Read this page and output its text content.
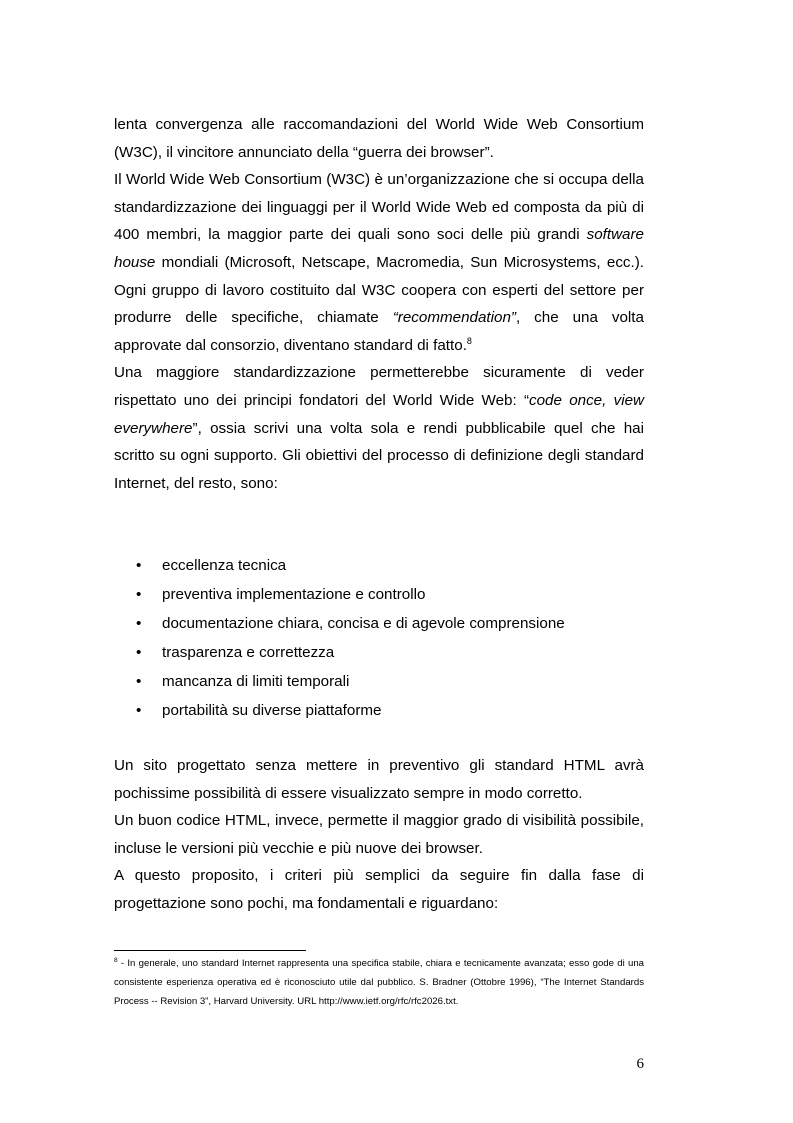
lenta convergenza alle raccomandazioni del World Wide Web Consortium (W3C), il vincitore annunciato della “guerra dei browser”.

Il World Wide Web Consortium (W3C) è un’organizzazione che si occupa della standardizzazione dei linguaggi per il World Wide Web ed composta da più di 400 membri, la maggior parte dei quali sono soci delle più grandi software house mondiali (Microsoft, Netscape, Macromedia, Sun Microsystems, ecc.). Ogni gruppo di lavoro costituito dal W3C coopera con esperti del settore per produrre delle specifiche, chiamate “recommendation”, che una volta approvate dal consorzio, diventano standard di fatto.$^8$

Una maggiore standardizzazione permetterebbe sicuramente di veder rispettato uno dei principi fondatori del World Wide Web: “code once, view everywhere”, ossia scrivi una volta sola e rendi pubblicabile quel che hai scritto su ogni supporto. Gli obiettivi del processo di definizione degli standard Internet, del resto, sono:

• eccellenza tecnica
• preventiva implementazione e controllo
• documentazione chiara, concisa e di agevole comprensione
• trasparenza e correttezza
• mancanza di limiti temporali
• portabilità su diverse piattaforme

Un sito progettato senza mettere in preventivo gli standard HTML avrà pochissime possibilità di essere visualizzato sempre in modo corretto.

Un buon codice HTML, invece, permette il maggior grado di visibilità possibile, incluse le versioni più vecchie e più nuove dei browser.

A questo proposito, i criteri più semplici da seguire fin dalla fase di progettazione sono pochi, ma fondamentali e riguardano:

$^8$ - In generale, uno standard Internet rappresenta una specifica stabile, chiara e tecnicamente avanzata; esso gode di una consistente esperienza operativa ed è riconosciuto utile dal pubblico. S. Bradner (Ottobre 1996), “The Internet Standards Process -- Revision 3”, Harvard University. URL http://www.ietf.org/rfc/rfc2026.txt.

6
